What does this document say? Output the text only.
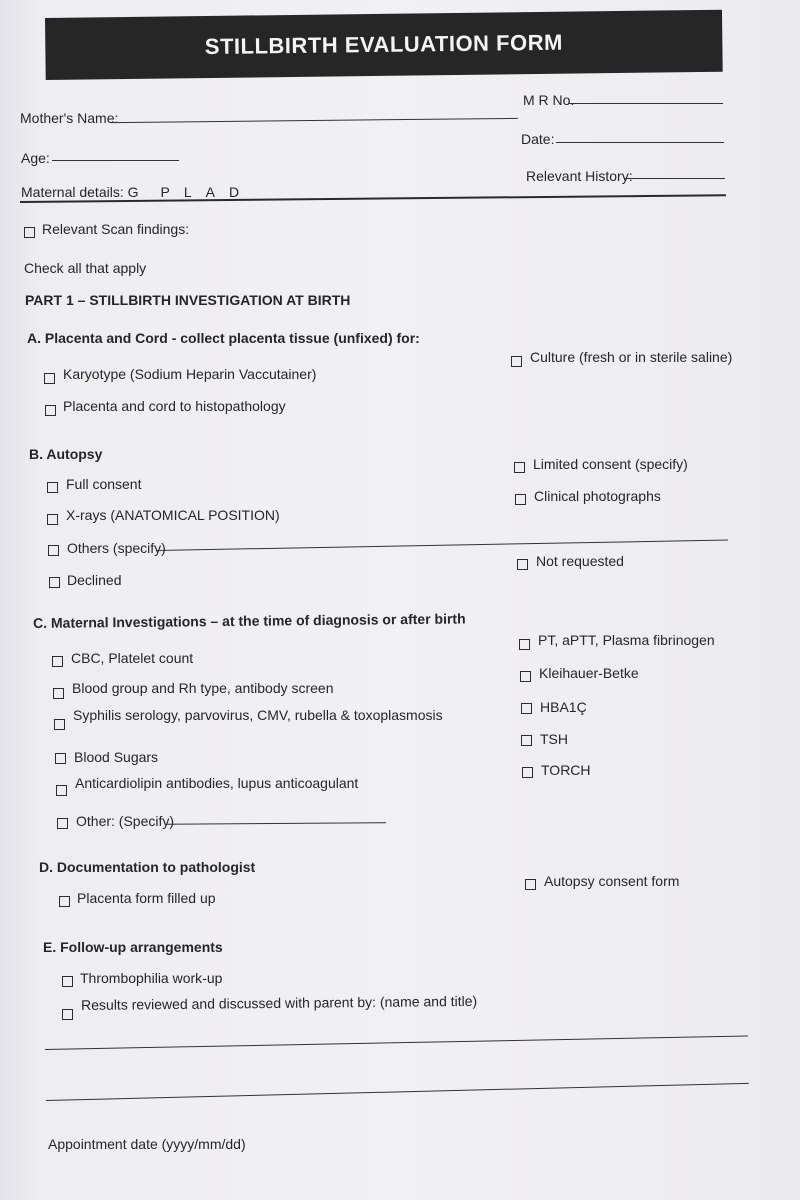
STILLBIRTH EVALUATION FORM
Mother's Name:
M R No.
Date:
Age:
Relevant History:
Maternal details: G P L A D
Relevant Scan findings:
Check all that apply
PART 1 – STILLBIRTH INVESTIGATION AT BIRTH
A. Placenta and Cord - collect placenta tissue (unfixed) for:
Karyotype (Sodium Heparin Vaccutainer)
Placenta and cord to histopathology
Culture (fresh or in sterile saline)
B. Autopsy
Full consent
X-rays (ANATOMICAL POSITION)
Others (specify)
Declined
Limited consent (specify)
Clinical photographs
Not requested
C. Maternal Investigations – at the time of diagnosis or after birth
CBC, Platelet count
Blood group and Rh type, antibody screen
Syphilis serology, parvovirus, CMV, rubella & toxoplasmosis
Blood Sugars
Anticardiolipin antibodies, lupus anticoagulant
Other: (Specify)
PT, aPTT, Plasma fibrinogen
Kleihauer-Betke
HBA1Ç
TSH
TORCH
D. Documentation to pathologist
Placenta form filled up
Autopsy consent form
E. Follow-up arrangements
Thrombophilia work-up
Results reviewed and discussed with parent by: (name and title)
Appointment date (yyyy/mm/dd)
